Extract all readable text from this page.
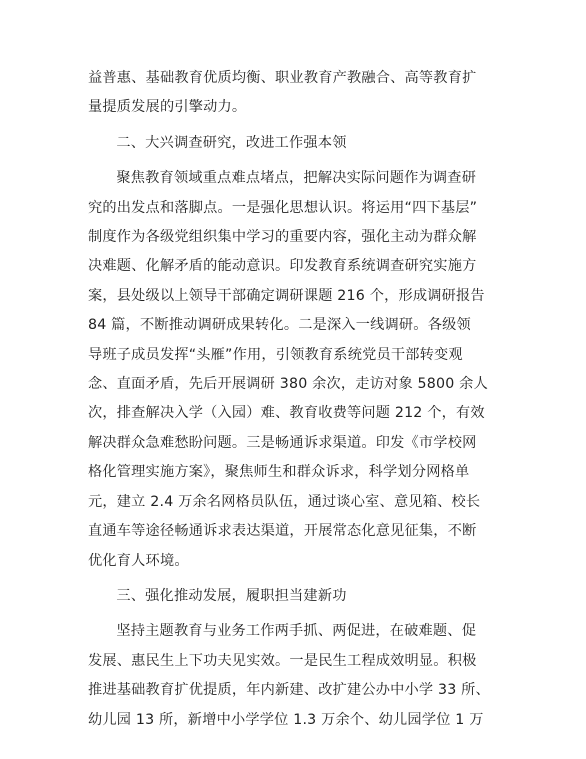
益普惠、基础教育优质均衡、职业教育产教融合、高等教育扩
量提质发展的引擎动力。

二、大兴调查研究，改进工作强本领

聚焦教育领域重点难点堵点，把解决实际问题作为调查研
究的出发点和落脚点。一是强化思想认识。将运用“四下基层”
制度作为各级党组织集中学习的重要内容，强化主动为群众解
决难题、化解矛盾的能动意识。印发教育系统调查研究实施方
案，县处级以上领导干部确定调研课题 216 个，形成调研报告
84 篇，不断推动调研成果转化。二是深入一线调研。各级领
导班子成员发挥“头雁”作用，引领教育系统党员干部转变观
念、直面矛盾，先后开展调研 380 余次，走访对象 5800 余人
次，排查解决入学（入园）难、教育收费等问题 212 个，有效
解决群众急难愁盼问题。三是畅通诉求渠道。印发《市学校网
格化管理实施方案》，聚焦师生和群众诉求，科学划分网格单
元，建立 2.4 万余名网格员队伍，通过谈心室、意见箱、校长
直通车等途径畅通诉求表达渠道，开展常态化意见征集，不断
优化育人环境。

三、强化推动发展，履职担当建新功

坚持主题教育与业务工作两手抓、两促进，在破难题、促
发展、惠民生上下功夫见实效。一是民生工程成效明显。积极
推进基础教育扩优提质，年内新建、改扩建公办中小学 33 所、
幼儿园 13 所，新增中小学学位 1.3 万余个、幼儿园学位 1 万
